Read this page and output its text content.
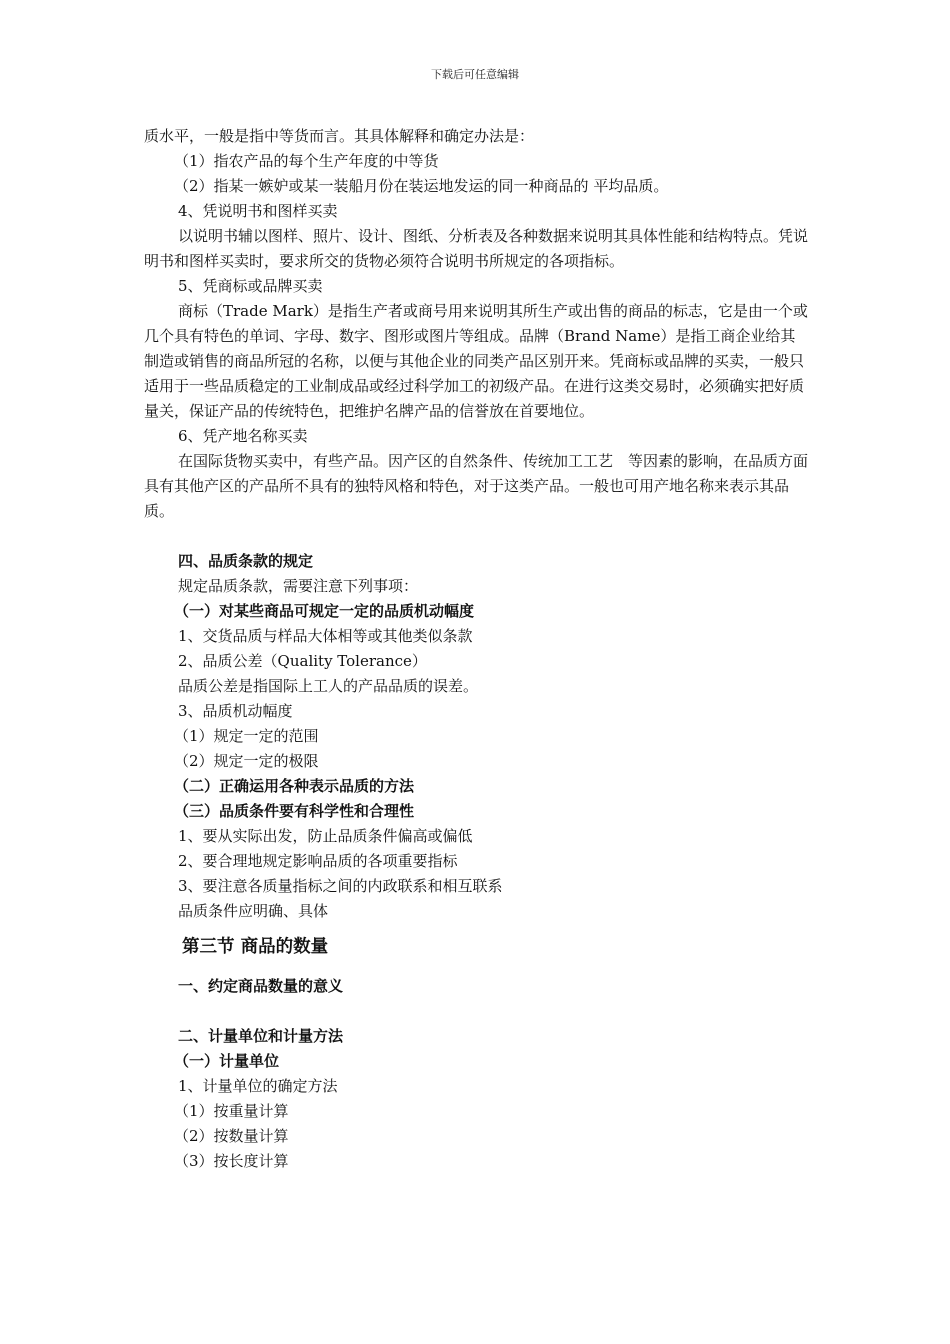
下载后可任意编辑

质水平，一般是指中等货而言。其具体解释和确定办法是：

（1）指农产品的每个生产年度的中等货

（2）指某一嫉妒或某一装船月份在装运地发运的同一种商品的 平均品质。

4、凭说明书和图样买卖

以说明书辅以图样、照片、设计、图纸、分析表及各种数据来说明其具体性能和结构特点。凭说明书和图样买卖时，要求所交的货物必须符合说明书所规定的各项指标。

5、凭商标或品牌买卖

商标（Trade Mark）是指生产者或商号用来说明其所生产或出售的商品的标志，它是由一个或几个具有特色的单词、字母、数字、图形或图片等组成。品牌（Brand Name）是指工商企业给其制造或销售的商品所冠的名称，以便与其他企业的同类产品区别开来。凭商标或品牌的买卖，一般只适用于一些品质稳定的工业制成品或经过科学加工的初级产品。在进行这类交易时，必须确实把好质量关，保证产品的传统特色，把维护名牌产品的信誉放在首要地位。

6、凭产地名称买卖

在国际货物买卖中，有些产品。因产区的自然条件、传统加工工艺　等因素的影响，在品质方面具有其他产区的产品所不具有的独特风格和特色，对于这类产品。一般也可用产地名称来表示其品质。

四、品质条款的规定

规定品质条款，需要注意下列事项：

（一）对某些商品可规定一定的品质机动幅度

1、交货品质与样品大体相等或其他类似条款

2、品质公差（Quality Tolerance）

品质公差是指国际上工人的产品品质的误差。

3、品质机动幅度

（1）规定一定的范围

（2）规定一定的极限

（二）正确运用各种表示品质的方法

（三）品质条件要有科学性和合理性

1、要从实际出发，防止品质条件偏高或偏低

2、要合理地规定影响品质的各项重要指标

3、要注意各质量指标之间的内政联系和相互联系

品质条件应明确、具体

第三节 商品的数量

一、约定商品数量的意义

二、计量单位和计量方法

（一）计量单位

1、计量单位的确定方法

（1）按重量计算

（2）按数量计算

（3）按长度计算
